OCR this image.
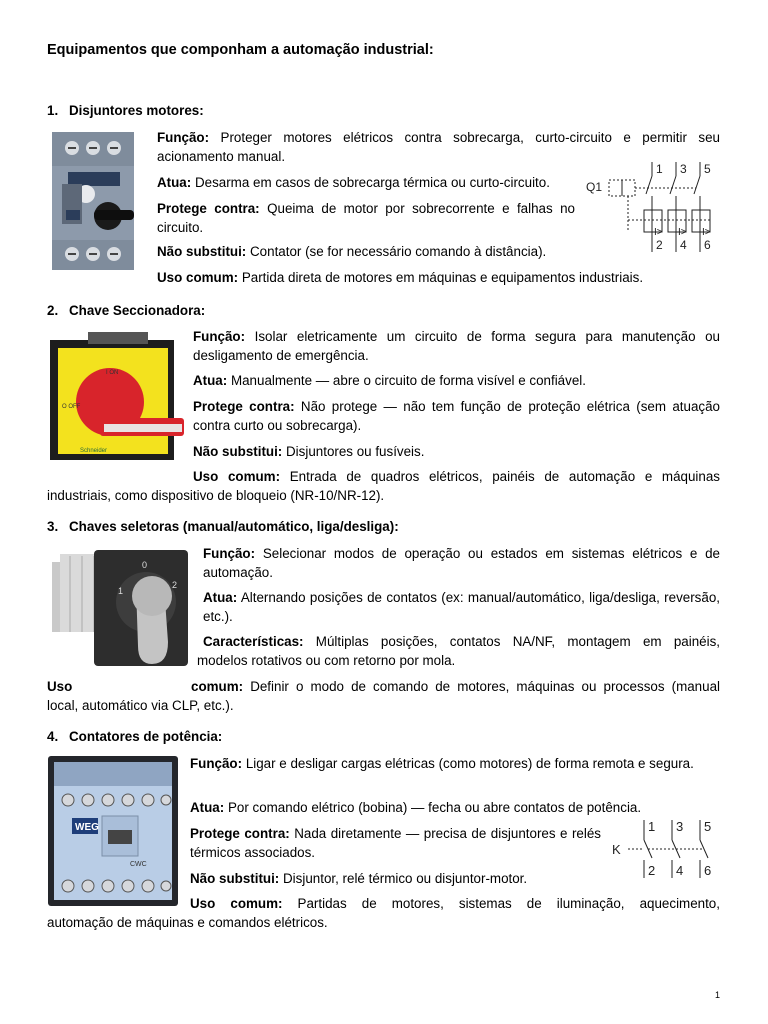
Equipamentos que componham a automação industrial:
1. Disjuntores motores:
Função: Proteger motores elétricos contra sobrecarga, curto-circuito e permitir seu acionamento manual.
Atua: Desarma em casos de sobrecarga térmica ou curto-circuito.
Protege contra: Queima de motor por sobrecorrente e falhas no circuito.
Não substitui: Contator (se for necessário comando à distância).
Uso comum: Partida direta de motores em máquinas e equipamentos industriais.
Q1
1 3 5
I> I> I>
2 4 6
2. Chave Seccionadora:
I ON
O OFF
Schneider
Função: Isolar eletricamente um circuito de forma segura para manutenção ou desligamento de emergência.
Atua: Manualmente — abre o circuito de forma visível e confiável.
Protege contra: Não protege — não tem função de proteção elétrica (sem atuação contra curto ou sobrecarga).
Não substitui: Disjuntores ou fusíveis.
Uso comum: Entrada de quadros elétricos, painéis de automação e máquinas
industriais, como dispositivo de bloqueio (NR-10/NR-12).
3. Chaves seletoras (manual/automático, liga/desliga):
0
1
2
Função: Selecionar modos de operação ou estados em sistemas elétricos e de automação.
Atua: Alternando posições de contatos (ex: manual/automático, liga/desliga, reversão, etc.).
Características: Múltiplas posições, contatos NA/NF, montagem em painéis,
modelos rotativos ou com retorno por mola.
Uso	comum: Definir o modo de comando de motores, máquinas ou processos (manual
local, automático via CLP, etc.).
4. Contatores de potência:
WEG
CWC
Função: Ligar e desligar cargas elétricas (como motores) de forma remota e segura.
Atua: Por comando elétrico (bobina) — fecha ou abre contatos de potência.
Protege contra: Nada diretamente — precisa de disjuntores e relés térmicos associados.
Não substitui: Disjuntor, relé térmico ou disjuntor-motor.
Uso comum: Partidas de motores, sistemas de iluminação, aquecimento,
automação de máquinas e comandos elétricos.
K
1 3 5
2 4 6
1
